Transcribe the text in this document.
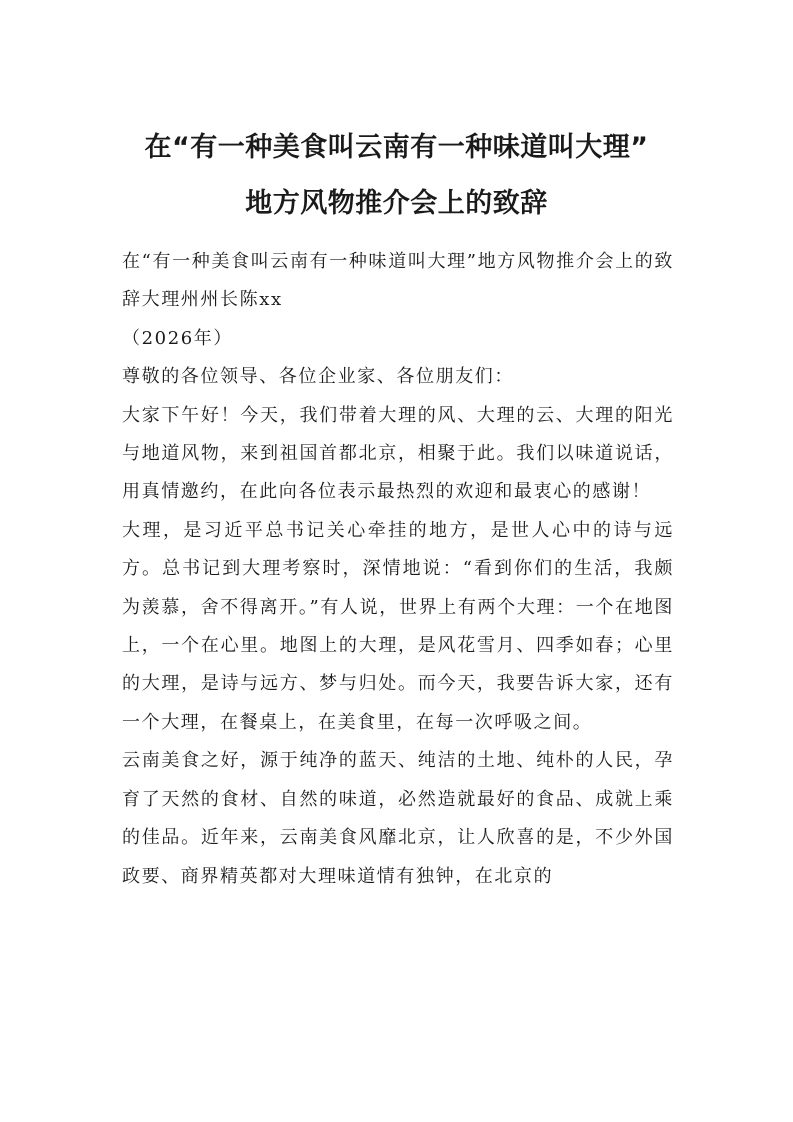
在“有一种美食叫云南有一种味道叫大理”
地方风物推介会上的致辞

在“有一种美食叫云南有一种味道叫大理”地方风物推介会上的致辞大理州州长陈xx

（2026年）

尊敬的各位领导、各位企业家、各位朋友们：

大家下午好！今天，我们带着大理的风、大理的云、大理的阳光与地道风物，来到祖国首都北京，相聚于此。我们以味道说话，用真情邀约，在此向各位表示最热烈的欢迎和最衷心的感谢！

大理，是习近平总书记关心牵挂的地方，是世人心中的诗与远方。总书记到大理考察时，深情地说：“看到你们的生活，我颇为羡慕，舍不得离开。”有人说，世界上有两个大理：一个在地图上，一个在心里。地图上的大理，是风花雪月、四季如春；心里的大理，是诗与远方、梦与归处。而今天，我要告诉大家，还有一个大理，在餐桌上，在美食里，在每一次呼吸之间。

云南美食之好，源于纯净的蓝天、纯洁的土地、纯朴的人民，孕育了天然的食材、自然的味道，必然造就最好的食品、成就上乘的佳品。近年来，云南美食风靡北京，让人欣喜的是，不少外国政要、商界精英都对大理味道情有独钟，在北京的
